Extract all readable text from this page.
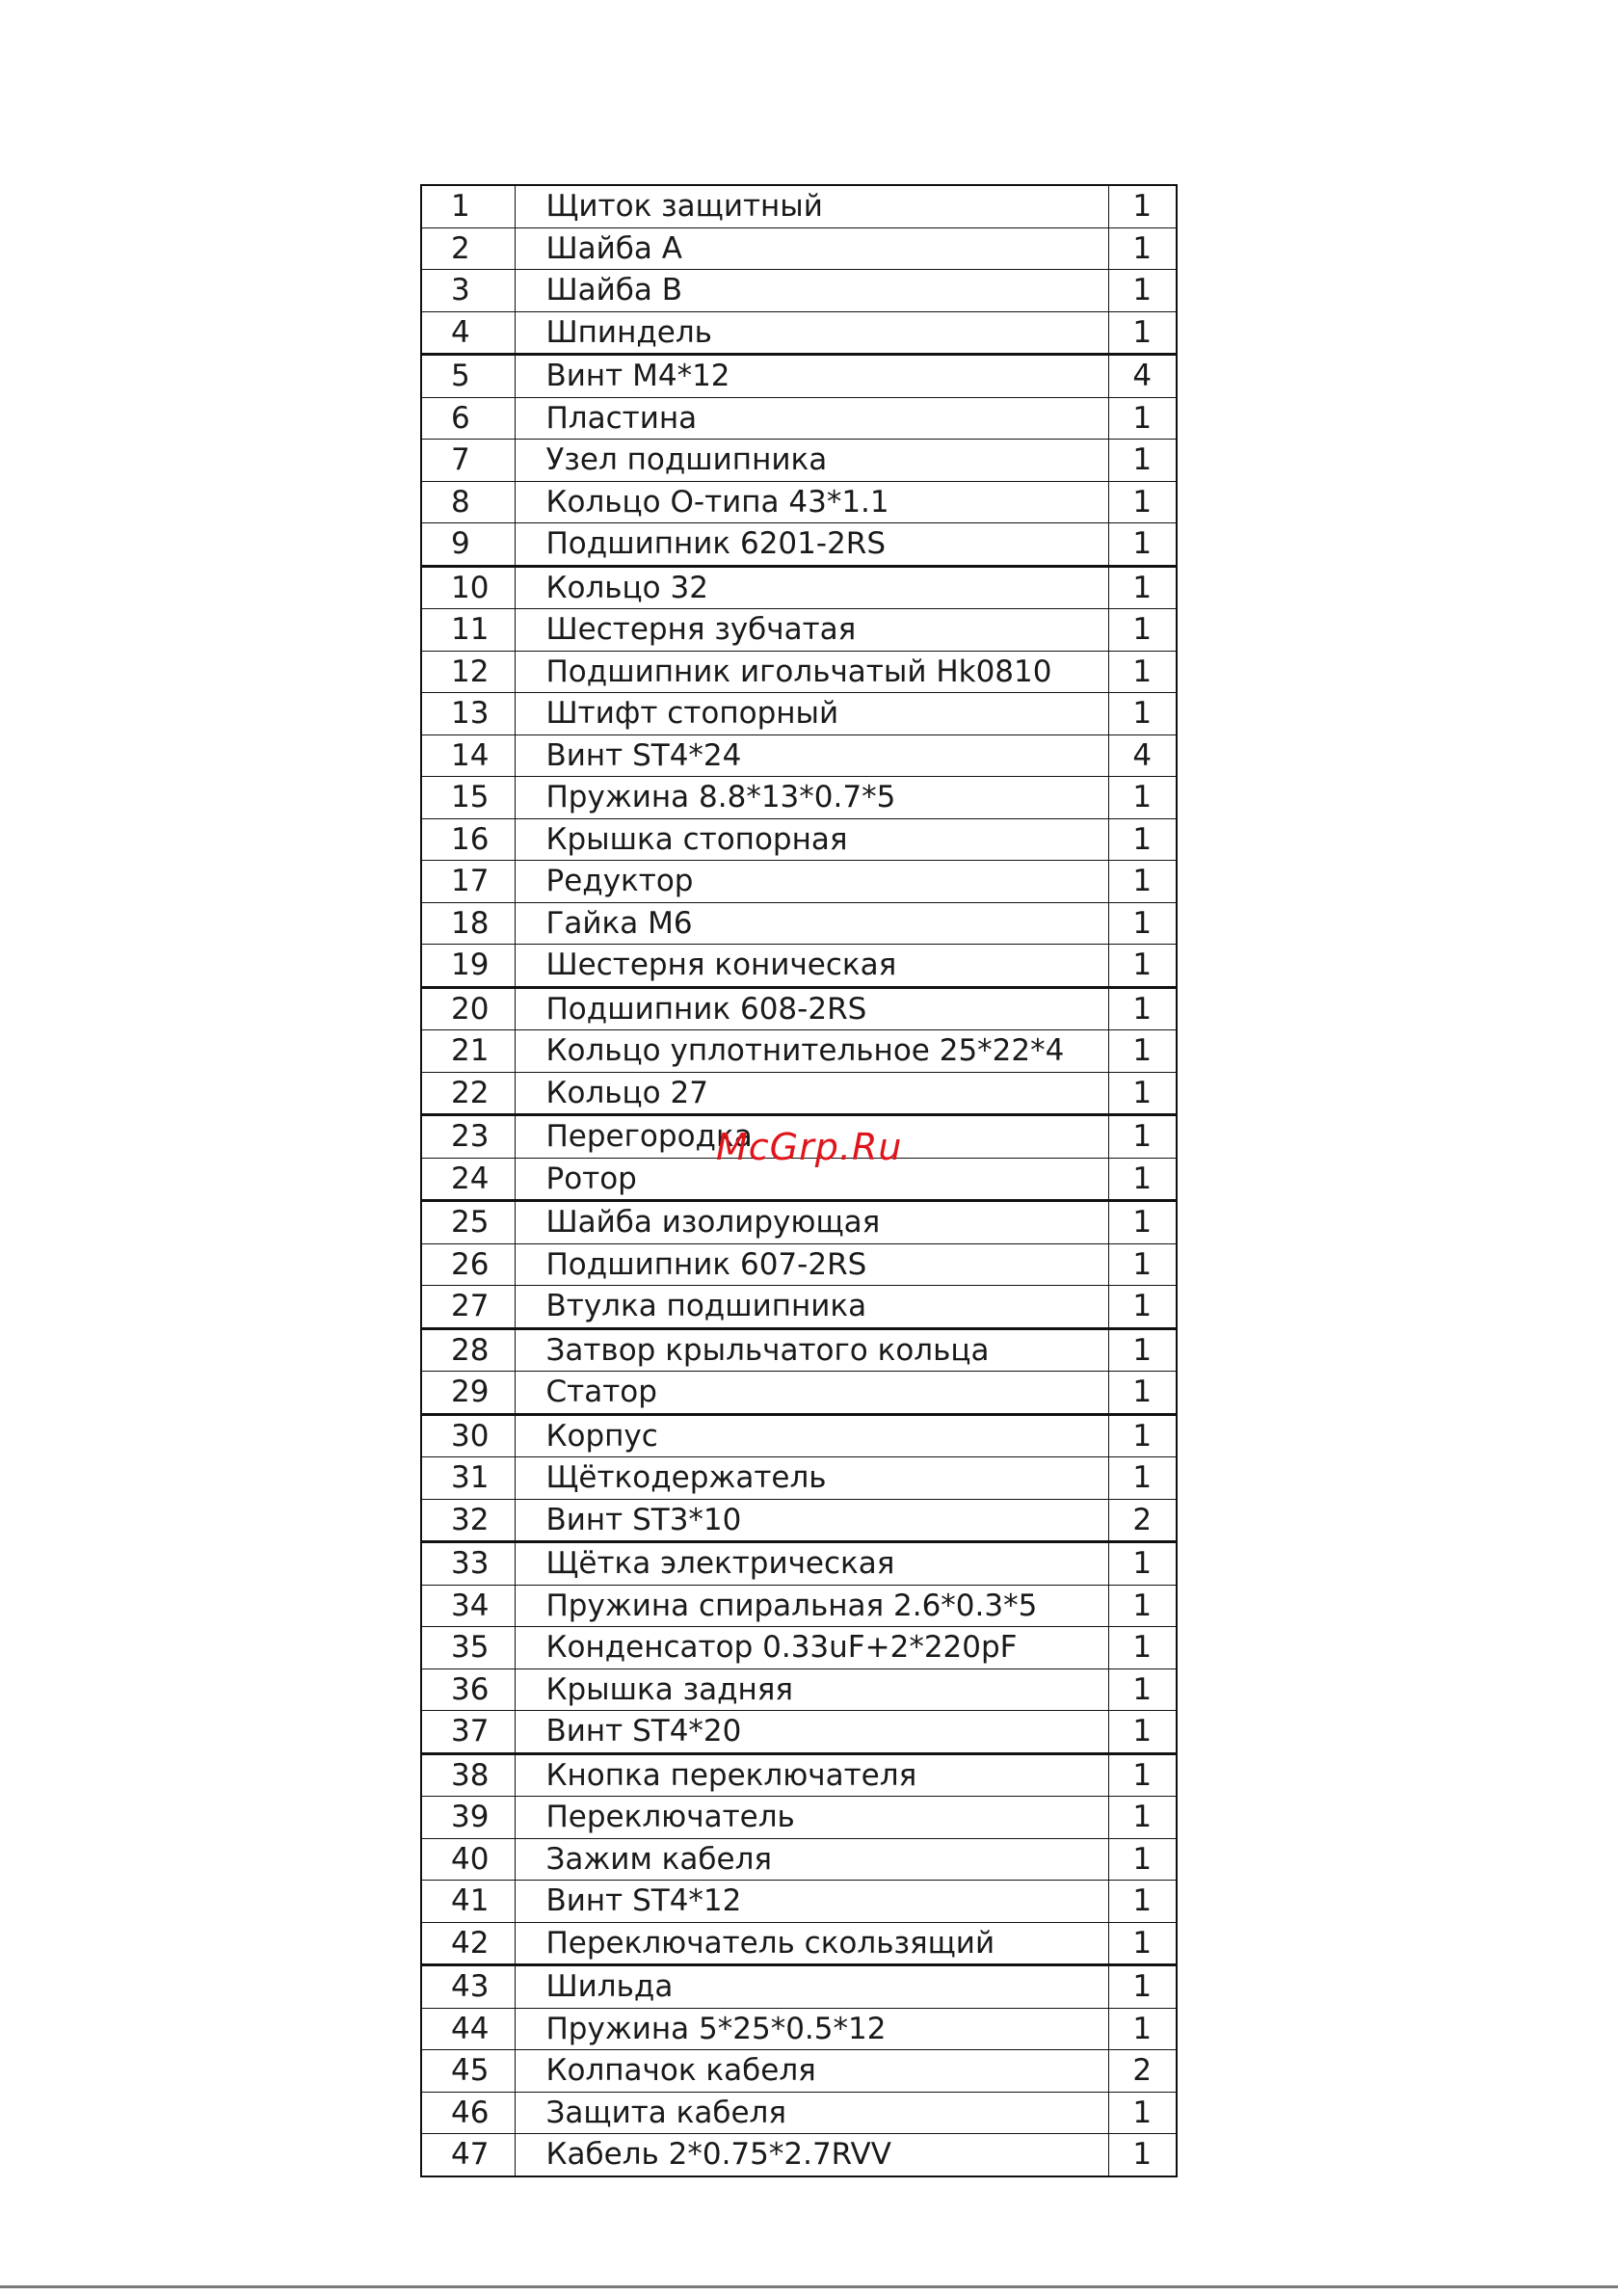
1	Щиток защитный	1
2	Шайба А	1
3	Шайба В	1
4	Шпиндель	1
5	Винт М4*12	4
6	Пластина	1
7	Узел подшипника	1
8	Кольцо О-типа 43*1.1	1
9	Подшипник 6201-2RS	1
10	Кольцо 32	1
11	Шестерня зубчатая	1
12	Подшипник игольчатый Hk0810	1
13	Штифт стопорный	1
14	Винт ST4*24	4
15	Пружина 8.8*13*0.7*5	1
16	Крышка стопорная	1
17	Редуктор	1
18	Гайка М6	1
19	Шестерня коническая	1
20	Подшипник 608-2RS	1
21	Кольцо уплотнительное 25*22*4	1
22	Кольцо 27	1
23	Перегородка	1
24	Ротор	1
25	Шайба изолирующая	1
26	Подшипник 607-2RS	1
27	Втулка подшипника	1
28	Затвор крыльчатого кольца	1
29	Статор	1
30	Корпус	1
31	Щёткодержатель	1
32	Винт ST3*10	2
33	Щётка электрическая	1
34	Пружина спиральная 2.6*0.3*5	1
35	Конденсатор 0.33uF+2*220pF	1
36	Крышка задняя	1
37	Винт ST4*20	1
38	Кнопка переключателя	1
39	Переключатель	1
40	Зажим кабеля	1
41	Винт ST4*12	1
42	Переключатель скользящий	1
43	Шильда	1
44	Пружина 5*25*0.5*12	1
45	Колпачок кабеля	2
46	Защита кабеля	1
47	Кабель 2*0.75*2.7RVV	1
McGrp.Ru
